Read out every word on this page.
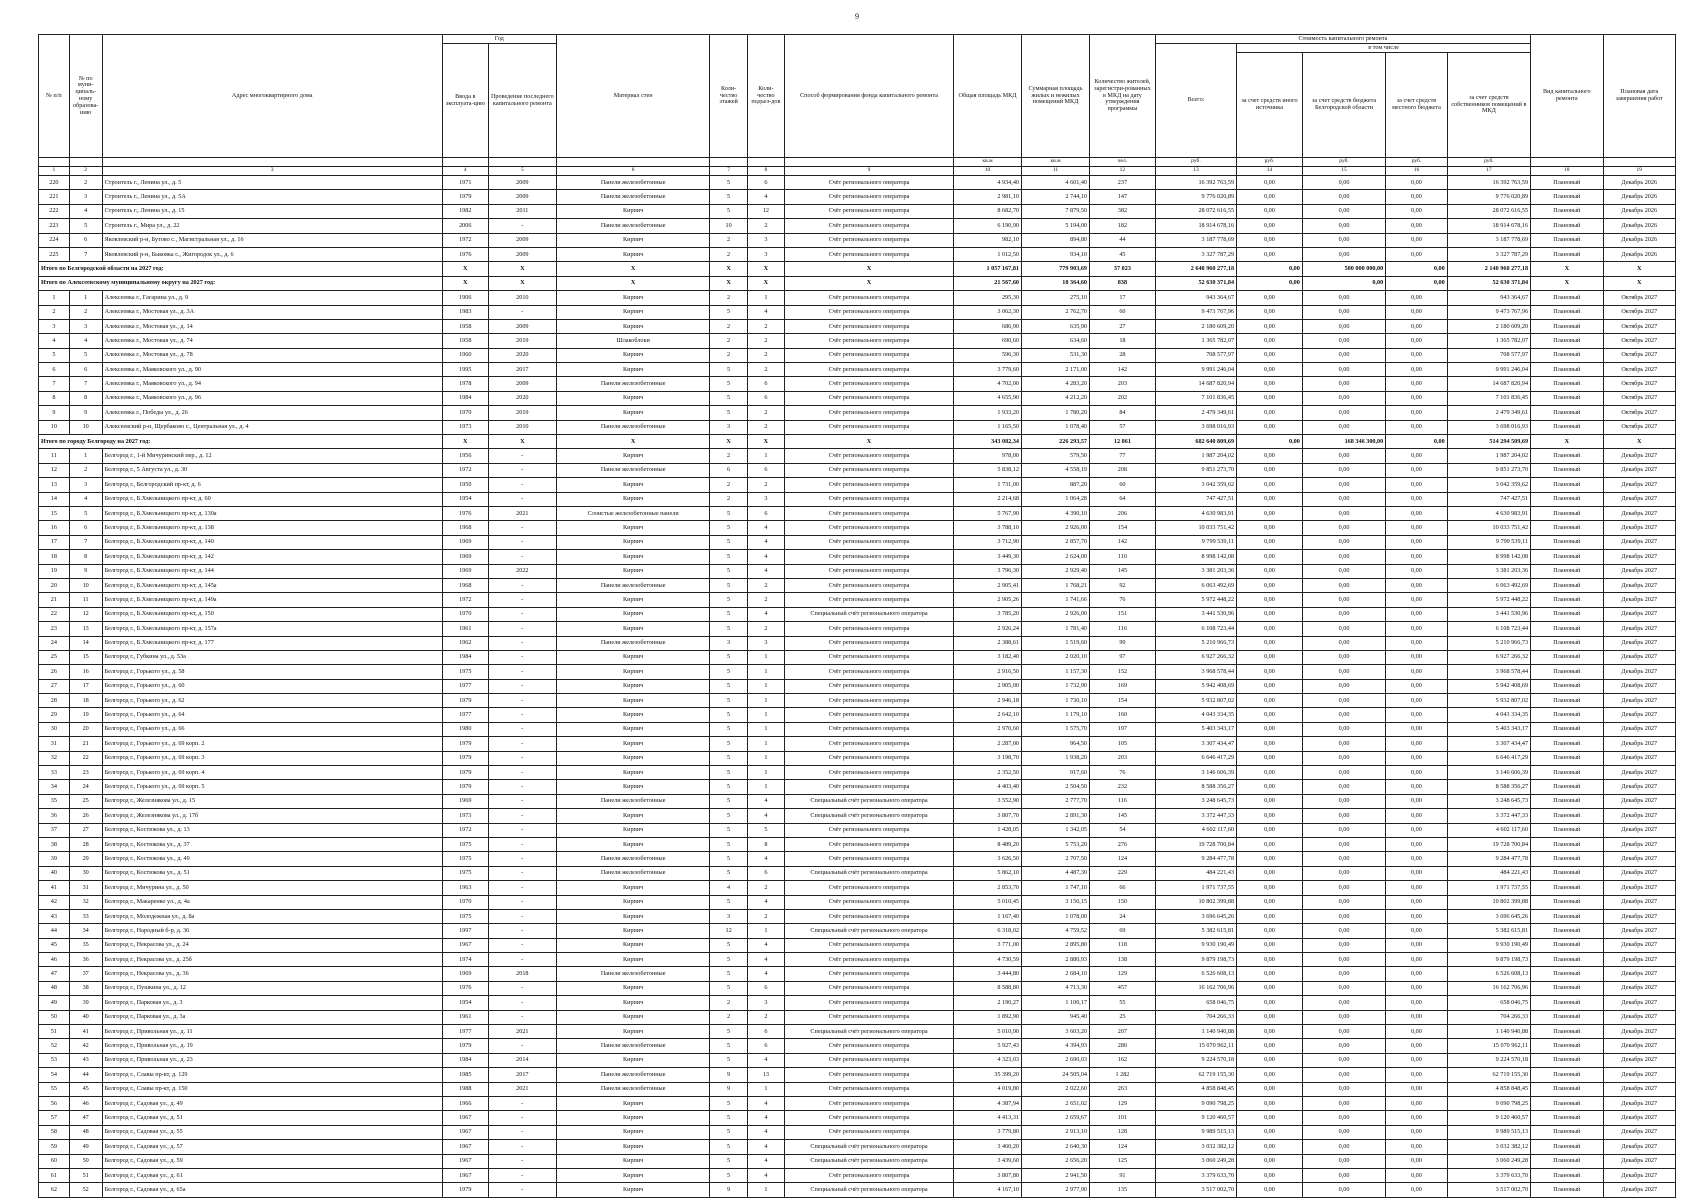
9
№ п/п	№ по муни-ципаль-ному образова-нию	Адрес многоквартирного дома	Год		Материал стен	Коли-чество этажей	Коли-чество подъез-дов	Способ формирования фонда капитального ремонта	Общая площадь МКД	Суммарная площадь жилых и нежилых помещений МКД	Количество жителей, зарегистри-рованных в МКД на дату утверждения программы	Стоимость капитального ремонта					Вид капитального ремонта	Плановая дата завершения работ
			Ввода в эксплуата-цию	Проведение последнего капитального ремонта								Всего:	в том числе					
													за счет средств иного источника	за счет средств бюджета Белгородской области	за счет средств местного бюджета	за счет средств собственников помещений в МКД		
									кв.м	кв.м	чел.	руб.	руб.	руб.	руб.	руб.		
1	2	3	4	5	6	7	8	9	10	11	12	13	14	15	16	17	18	19
220	2	Строитель г., Ленина ул., д. 5	1971	2009	Панели железобетонные	5	6	Счёт регионального оператора	4 934,40	4 601,40	237	16 392 763,59	0,00	0,00	0,00	16 392 763,59	Плановый	Декабрь 2026
221	3	Строитель г., Ленина ул., д. 5А	1979	2009	Панели железобетонные	5	4	Счёт регионального оператора	2 981,10	2 744,10	147	9 776 020,89	0,00	0,00	0,00	9 776 020,89	Плановый	Декабрь 2026
222	4	Строитель г., Ленина ул., д. 15	1982	2011	Кирпич	5	12	Счёт регионального оператора	8 682,70	7 879,50	382	28 072 616,55	0,00	0,00	0,00	28 072 616,55	Плановый	Декабрь 2026
223	5	Строитель г., Мира ул., д. 22	2006	-	Панели железобетонные	10	2	Счёт регионального оператора	6 190,90	5 194,00	182	18 914 678,16	0,00	0,00	0,00	18 914 678,16	Плановый	Декабрь 2026
224	6	Яковлевский р-н, Бутово с., Магистральная ул., д. 16	1972	2009	Кирпич	2	3	Счёт регионального оператора	982,10	894,80	44	3 187 778,69	0,00	0,00	0,00	3 187 778,69	Плановый	Декабрь 2026
225	7	Яковлевский р-н, Быковка с., Жигородок ул., д. 6	1976	2009	Кирпич	2	3	Счёт регионального оператора	1 012,50	934,10	45	3 327 787,29	0,00	0,00	0,00	3 327 787,29	Плановый	Декабрь 2026
Итого по Белгородской области на 2027 год:			X	X	X	X	X	X	1 057 167,81	779 903,69	37 023	2 640 960 277,18	0,00	500 000 000,00	0,00	2 140 960 277,18	X	X
Итого по Алексеевскому муниципальному округу на 2027 год:			X	X	X	X	X	X	21 567,60	18 364,60	838	52 630 371,84	0,00	0,00	0,00	52 630 371,84	X	X
1	1	Алексеевка г., Гагарина ул., д. 9	1906	2010	Кирпич	2	1	Счёт регионального оператора	295,30	275,10	17	943 364,67	0,00	0,00	0,00	943 364,67	Плановый	Октябрь 2027
2	2	Алексеевка г., Мостовая ул., д. 3А	1983	-	Кирпич	5	4	Счёт регионального оператора	3 062,30	2 762,70	60	9 473 767,96	0,00	0,00	0,00	9 473 767,96	Плановый	Октябрь 2027
3	3	Алексеевка г., Мостовая ул., д. 14	1958	2009	Кирпич	2	2	Счёт регионального оператора	686,90	635,90	27	2 180 609,20	0,00	0,00	0,00	2 180 609,20	Плановый	Октябрь 2027
4	4	Алексеевка г., Мостовая ул., д. 74	1958	2019	Шлакоблоки	2	2	Счёт регионального оператора	690,60	634,60	18	1 365 782,07	0,00	0,00	0,00	1 365 782,07	Плановый	Октябрь 2027
5	5	Алексеевка г., Мостовая ул., д. 78	1960	2020	Кирпич	2	2	Счёт регионального оператора	596,30	531,30	28	708 577,97	0,00	0,00	0,00	708 577,97	Плановый	Октябрь 2027
6	6	Алексеевка г., Маяковского ул., д. 90	1995	2017	Кирпич	5	2	Счёт регионального оператора	3 779,60	2 171,00	142	9 991 246,04	0,00	0,00	0,00	9 991 246,04	Плановый	Октябрь 2027
7	7	Алексеевка г., Маяковского ул., д. 94	1978	2009	Панели железобетонные	5	6	Счёт регионального оператора	4 702,00	4 283,20	203	14 687 820,94	0,00	0,00	0,00	14 687 820,94	Плановый	Октябрь 2027
8	8	Алексеевка г., Маяковского ул., д. 96	1984	2020	Кирпич	5	6	Счёт регионального оператора	4 655,90	4 212,20	202	7 101 836,45	0,00	0,00	0,00	7 101 836,45	Плановый	Октябрь 2027
9	9	Алексеевка г., Победы ул., д. 26	1970	2019	Кирпич	5	2	Счёт регионального оператора	1 933,20	1 780,20	84	2 479 349,61	0,00	0,00	0,00	2 479 349,61	Плановый	Октябрь 2027
10	10	Алексеевский р-н, Щербаково с., Центральная ул., д. 4	1973	2010	Панели железобетонные	3	2	Счёт регионального оператора	1 165,50	1 078,40	57	3 698 016,93	0,00	0,00	0,00	3 698 016,93	Плановый	Октябрь 2027
Итого по городу Белгороду на 2027 год:			X	X	X	X	X	X	343 082,34	226 293,57	12 861	682 640 809,69	0,00	168 346 300,00	0,00	514 294 509,69	X	X
11	1	Белгород г., 1-й Мичуринский пер., д. 12	1956	-	Кирпич	2	1	Счёт регионального оператора	978,00	579,50	77	1 987 204,02	0,00	0,00	0,00	1 987 204,02	Плановый	Декабрь 2027
12	2	Белгород г., 5 Августа ул., д. 30	1972	-	Панели железобетонные	6	6	Счёт регионального оператора	5 838,12	4 558,19	208	9 851 273,70	0,00	0,00	0,00	9 851 273,70	Плановый	Декабрь 2027
13	3	Белгород г., Белгородский пр-кт, д. 6	1950	-	Кирпич	2	2	Счёт регионального оператора	1 731,00	887,20	60	3 042 359,62	0,00	0,00	0,00	3 042 359,62	Плановый	Декабрь 2027
14	4	Белгород г., Б.Хмельницкого пр-кт, д. 60	1954	-	Кирпич	2	3	Счёт регионального оператора	2 214,68	1 064,28	64	747 427,51	0,00	0,00	0,00	747 427,51	Плановый	Декабрь 2027
15	5	Белгород г., Б.Хмельницкого пр-кт, д. 130а	1976	2021	Слоистые железобетонные панели	5	6	Счёт регионального оператора	5 767,90	4 390,10	206	4 630 983,91	0,00	0,00	0,00	4 630 983,91	Плановый	Декабрь 2027
16	6	Белгород г., Б.Хмельницкого пр-кт, д. 138	1968	-	Кирпич	5	4	Счёт регионального оператора	3 788,10	2 926,00	154	10 033 751,42	0,00	0,00	0,00	10 033 751,42	Плановый	Декабрь 2027
17	7	Белгород г., Б.Хмельницкого пр-кт, д. 140	1969	-	Кирпич	5	4	Счёт регионального оператора	3 712,90	2 857,70	142	9 799 539,11	0,00	0,00	0,00	9 799 539,11	Плановый	Декабрь 2027
18	8	Белгород г., Б.Хмельницкого пр-кт, д. 142	1969	-	Кирпич	5	4	Счёт регионального оператора	3 449,30	2 624,00	110	8 998 142,08	0,00	0,00	0,00	8 998 142,08	Плановый	Декабрь 2027
19	9	Белгород г., Б.Хмельницкого пр-кт, д. 144	1969	2022	Кирпич	5	4	Счёт регионального оператора	3 796,30	2 929,40	145	3 381 203,36	0,00	0,00	0,00	3 381 203,36	Плановый	Декабрь 2027
20	10	Белгород г., Б.Хмельницкого пр-кт, д. 145а	1968	-	Панели железобетонные	5	2	Счёт регионального оператора	2 905,41	1 768,21	92	6 063 492,69	0,00	0,00	0,00	6 063 492,69	Плановый	Декабрь 2027
21	11	Белгород г., Б.Хмельницкого пр-кт, д. 149а	1972	-	Кирпич	5	2	Счёт регионального оператора	2 905,26	1 741,66	76	5 972 448,22	0,00	0,00	0,00	5 972 448,22	Плановый	Декабрь 2027
22	12	Белгород г., Б.Хмельницкого пр-кт, д. 150	1970	-	Кирпич	5	4	Специальный счёт регионального оператора	3 785,20	2 926,00	151	3 441 530,96	0,00	0,00	0,00	3 441 530,96	Плановый	Декабрь 2027
23	13	Белгород г., Б.Хмельницкого пр-кт, д. 157а	1961	-	Кирпич	5	2	Счёт регионального оператора	2 926,24	1 781,40	116	6 108 723,44	0,00	0,00	0,00	6 108 723,44	Плановый	Декабрь 2027
24	14	Белгород г., Б.Хмельницкого пр-кт, д. 177	1962	-	Панели железобетонные	3	3	Счёт регионального оператора	2 388,61	1 519,60	99	5 210 966,73	0,00	0,00	0,00	5 210 966,73	Плановый	Декабрь 2027
25	15	Белгород г., Губкина ул., д. 53а	1984	-	Кирпич	5	1	Счёт регионального оператора	3 182,40	2 020,10	97	6 927 266,32	0,00	0,00	0,00	6 927 266,32	Плановый	Декабрь 2027
26	16	Белгород г., Горького ул., д. 58	1975	-	Кирпич	5	1	Счёт регионального оператора	2 916,50	1 157,30	152	3 968 578,44	0,00	0,00	0,00	3 968 578,44	Плановый	Декабрь 2027
27	17	Белгород г., Горького ул., д. 60	1977	-	Кирпич	5	1	Счёт регионального оператора	2 905,00	1 732,90	169	5 942 408,69	0,00	0,00	0,00	5 942 408,69	Плановый	Декабрь 2027
28	18	Белгород г., Горького ул., д. 62	1979	-	Кирпич	5	1	Счёт регионального оператора	2 946,18	1 730,10	154	5 932 807,02	0,00	0,00	0,00	5 932 807,02	Плановый	Декабрь 2027
29	19	Белгород г., Горького ул., д. 64	1977	-	Кирпич	5	1	Счёт регионального оператора	2 642,10	1 179,10	160	4 043 334,35	0,00	0,00	0,00	4 043 334,35	Плановый	Декабрь 2027
30	20	Белгород г., Горького ул., д. 66	1980	-	Кирпич	5	1	Счёт регионального оператора	2 970,60	1 575,70	197	5 403 343,17	0,00	0,00	0,00	5 403 343,17	Плановый	Декабрь 2027
31	21	Белгород г., Горького ул., д. 69 корп. 2	1979	-	Кирпич	5	1	Счёт регионального оператора	2 287,00	964,50	105	3 307 434,47	0,00	0,00	0,00	3 307 434,47	Плановый	Декабрь 2027
32	22	Белгород г., Горького ул., д. 69 корп. 3	1979	-	Кирпич	5	1	Счёт регионального оператора	3 198,70	1 938,20	203	6 646 417,29	0,00	0,00	0,00	6 646 417,29	Плановый	Декабрь 2027
33	23	Белгород г., Горького ул., д. 69 корп. 4	1979	-	Кирпич	5	1	Счёт регионального оператора	2 352,50	917,60	76	3 146 606,39	0,00	0,00	0,00	3 146 606,39	Плановый	Декабрь 2027
34	24	Белгород г., Горького ул., д. 69 корп. 5	1979	-	Кирпич	5	1	Счёт регионального оператора	4 403,40	2 504,50	232	8 588 356,27	0,00	0,00	0,00	8 588 356,27	Плановый	Декабрь 2027
35	25	Белгород г., Железнякова ул., д. 15	1969	-	Панели железобетонные	5	4	Специальный счёт регионального оператора	3 552,90	2 777,70	116	3 248 645,73	0,00	0,00	0,00	3 248 645,73	Плановый	Декабрь 2027
36	26	Белгород г., Железнякова ул., д. 17б	1973	-	Кирпич	5	4	Специальный счёт регионального оператора	3 807,70	2 891,30	145	3 372 447,33	0,00	0,00	0,00	3 372 447,33	Плановый	Декабрь 2027
37	27	Белгород г., Костюкова ул., д. 13	1972	-	Кирпич	5	5	Счёт регионального оператора	1 428,05	1 342,05	54	4 602 117,60	0,00	0,00	0,00	4 602 117,60	Плановый	Декабрь 2027
38	28	Белгород г., Костюкова ул., д. 37	1975	-	Кирпич	5	8	Счёт регионального оператора	8 489,20	5 753,20	276	19 728 700,84	0,00	0,00	0,00	19 728 700,84	Плановый	Декабрь 2027
39	29	Белгород г., Костюкова ул., д. 49	1975	-	Панели железобетонные	5	4	Счёт регионального оператора	3 626,50	2 707,50	124	9 284 477,78	0,00	0,00	0,00	9 284 477,78	Плановый	Декабрь 2027
40	30	Белгород г., Костюкова ул., д. 51	1975	-	Панели железобетонные	5	6	Специальный счёт регионального оператора	5 862,10	4 487,30	229	484 221,43	0,00	0,00	0,00	484 221,43	Плановый	Декабрь 2027
41	31	Белгород г., Мичурина ул., д. 50	1963	-	Кирпич	4	2	Счёт регионального оператора	2 853,70	1 747,10	66	1 971 737,55	0,00	0,00	0,00	1 971 737,55	Плановый	Декабрь 2027
42	32	Белгород г., Макаренко ул., д. 4а	1970	-	Кирпич	5	4	Счёт регионального оператора	5 010,45	3 150,15	150	10 802 399,88	0,00	0,00	0,00	10 802 399,88	Плановый	Декабрь 2027
43	33	Белгород г., Молодежная ул., д. 8а	1975	-	Кирпич	3	2	Счёт регионального оператора	1 167,40	1 078,00	24	3 696 645,26	0,00	0,00	0,00	3 696 645,26	Плановый	Декабрь 2027
44	34	Белгород г., Народный б-р, д. 36	1997	-	Кирпич	12	1	Специальный счёт регионального оператора	6 318,02	4 759,52	69	5 382 615,81	0,00	0,00	0,00	5 382 615,81	Плановый	Декабрь 2027
45	35	Белгород г., Некрасова ул., д. 24	1967	-	Кирпич	5	4	Счёт регионального оператора	3 771,00	2 895,80	118	9 930 190,49	0,00	0,00	0,00	9 930 190,49	Плановый	Декабрь 2027
46	36	Белгород г., Некрасова ул., д. 25б	1974	-	Кирпич	5	4	Счёт регионального оператора	4 730,59	2 880,93	138	9 879 198,73	0,00	0,00	0,00	9 879 198,73	Плановый	Декабрь 2027
47	37	Белгород г., Некрасова ул., д. 36	1969	2018	Панели железобетонные	5	4	Счёт регионального оператора	3 444,80	2 684,10	129	6 526 608,13	0,00	0,00	0,00	6 526 608,13	Плановый	Декабрь 2027
48	38	Белгород г., Пушкина ул., д. 12	1976	-	Кирпич	5	6	Счёт регионального оператора	8 588,80	4 713,30	457	16 162 706,96	0,00	0,00	0,00	16 162 706,96	Плановый	Декабрь 2027
49	39	Белгород г., Парковая ул., д. 3	1954	-	Кирпич	2	3	Счёт регионального оператора	2 190,27	1 100,17	55	658 046,75	0,00	0,00	0,00	658 046,75	Плановый	Декабрь 2027
50	40	Белгород г., Парковая ул., д. 3а	1961	-	Кирпич	2	2	Счёт регионального оператора	1 892,90	945,40	25	704 266,33	0,00	0,00	0,00	704 266,33	Плановый	Декабрь 2027
51	41	Белгород г., Привольная ул., д. 11	1977	2021	Кирпич	5	6	Специальный счёт регионального оператора	5 010,90	3 603,20	207	1 140 940,88	0,00	0,00	0,00	1 140 940,88	Плановый	Декабрь 2027
52	42	Белгород г., Привольная ул., д. 19	1979	-	Панели железобетонные	5	6	Счёт регионального оператора	5 927,43	4 394,93	280	15 070 962,11	0,00	0,00	0,00	15 070 962,11	Плановый	Декабрь 2027
53	43	Белгород г., Привольная ул., д. 23	1984	2014	Кирпич	5	4	Счёт регионального оператора	4 323,03	2 690,03	162	9 224 570,18	0,00	0,00	0,00	9 224 570,18	Плановый	Декабрь 2027
54	44	Белгород г., Славы пр-кт, д. 129	1985	2017	Панели железобетонные	9	13	Счёт регионального оператора	35 399,20	24 505,04	1 282	62 719 155,30	0,00	0,00	0,00	62 719 155,30	Плановый	Декабрь 2027
55	45	Белгород г., Славы пр-кт, д. 150	1988	2021	Панели железобетонные	9	1	Счёт регионального оператора	4 019,80	2 022,60	263	4 858 848,45	0,00	0,00	0,00	4 858 848,45	Плановый	Декабрь 2027
56	46	Белгород г., Садовая ул., д. 49	1966	-	Кирпич	5	4	Счёт регионального оператора	4 387,94	2 651,02	129	9 090 798,25	0,00	0,00	0,00	9 090 798,25	Плановый	Декабрь 2027
57	47	Белгород г., Садовая ул., д. 51	1967	-	Кирпич	5	4	Счёт регионального оператора	4 413,31	2 659,67	101	9 120 460,57	0,00	0,00	0,00	9 120 460,57	Плановый	Декабрь 2027
58	48	Белгород г., Садовая ул., д. 55	1967	-	Кирпич	5	4	Счёт регионального оператора	3 779,80	2 913,10	128	9 989 515,13	0,00	0,00	0,00	9 989 515,13	Плановый	Декабрь 2027
59	49	Белгород г., Садовая ул., д. 57	1967	-	Кирпич	5	4	Специальный счёт регионального оператора	3 460,20	2 640,30	124	3 032 382,12	0,00	0,00	0,00	3 032 382,12	Плановый	Декабрь 2027
60	50	Белгород г., Садовая ул., д. 59	1967	-	Кирпич	5	4	Специальный счёт регионального оператора	3 439,60	2 656,20	125	3 060 249,28	0,00	0,00	0,00	3 060 249,28	Плановый	Декабрь 2027
61	51	Белгород г., Садовая ул., д. 61	1967	-	Кирпич	5	4	Счёт регионального оператора	3 807,80	2 941,50	91	3 379 633,70	0,00	0,00	0,00	3 379 633,70	Плановый	Декабрь 2027
62	52	Белгород г., Садовая ул., д. 65а	1979	-	Кирпич	9	1	Специальный счёт регионального оператора	4 167,10	2 977,90	135	3 517 002,70	0,00	0,00	0,00	3 517 002,70	Плановый	Декабрь 2027
